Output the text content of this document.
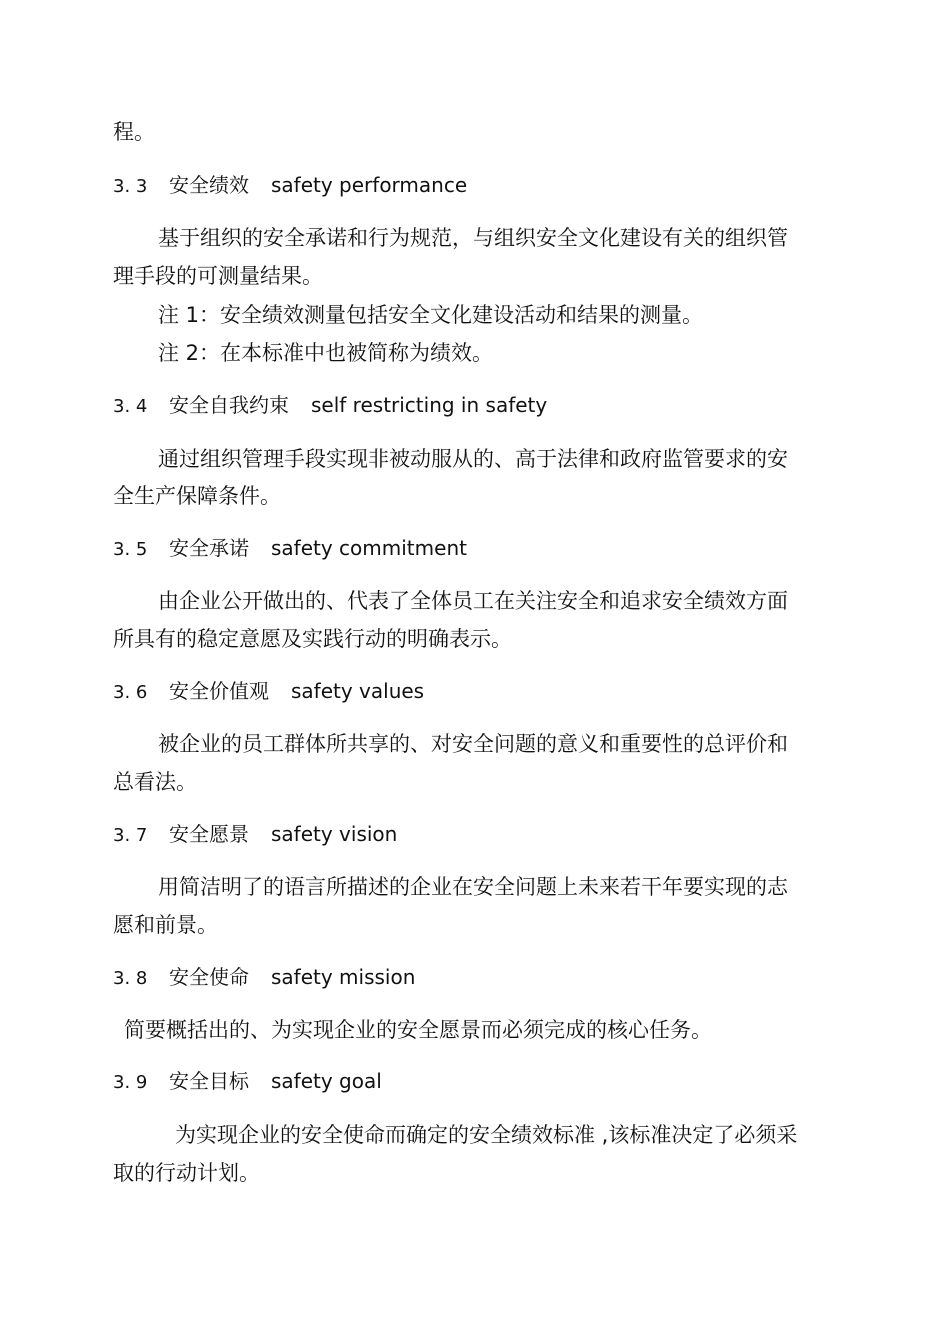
程。
3. 3 安全绩效 safety performance
基于组织的安全承诺和行为规范，与组织安全文化建设有关的组织管
理手段的可测量结果。
注 1：安全绩效测量包括安全文化建设活动和结果的测量。
注 2：在本标准中也被简称为绩效。
3. 4 安全自我约束 self restricting in safety
通过组织管理手段实现非被动服从的、高于法律和政府监管要求的安
全生产保障条件。
3. 5 安全承诺 safety commitment
由企业公开做出的、代表了全体员工在关注安全和追求安全绩效方面
所具有的稳定意愿及实践行动的明确表示。
3. 6 安全价值观 safety values
被企业的员工群体所共享的、对安全问题的意义和重要性的总评价和
总看法。
3. 7 安全愿景 safety vision
用简洁明了的语言所描述的企业在安全问题上未来若干年要实现的志
愿和前景。
3. 8 安全使命 safety mission
简要概括出的、为实现企业的安全愿景而必须完成的核心任务。
3. 9 安全目标 safety goal
为实现企业的安全使命而确定的安全绩效标准 ,该标准决定了必须采
取的行动计划。
